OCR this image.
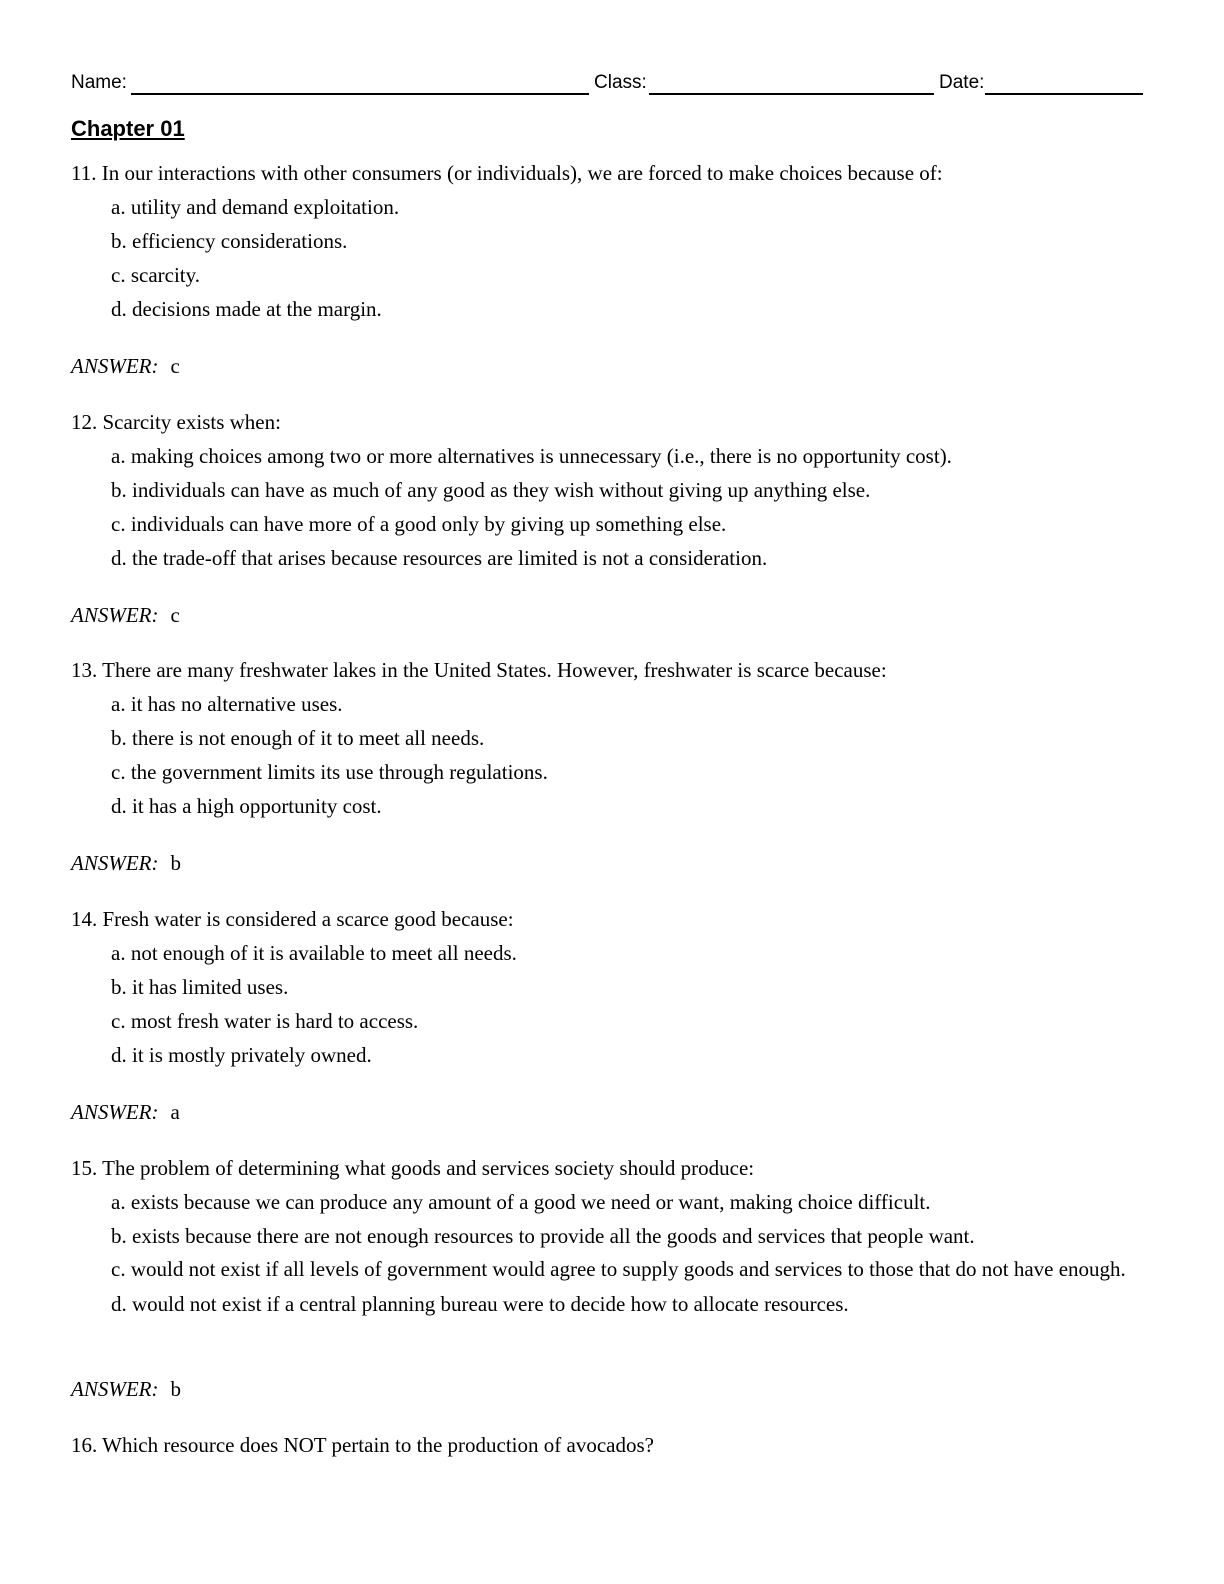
Name:	Class:	Date:
Chapter 01
11. In our interactions with other consumers (or individuals), we are forced to make choices because of:
a. utility and demand exploitation.
b. efficiency considerations.
c. scarcity.
d. decisions made at the margin.
ANSWER: c
12. Scarcity exists when:
a. making choices among two or more alternatives is unnecessary (i.e., there is no opportunity cost).
b. individuals can have as much of any good as they wish without giving up anything else.
c. individuals can have more of a good only by giving up something else.
d. the trade-off that arises because resources are limited is not a consideration.
ANSWER: c
13. There are many freshwater lakes in the United States. However, freshwater is scarce because:
a. it has no alternative uses.
b. there is not enough of it to meet all needs.
c. the government limits its use through regulations.
d. it has a high opportunity cost.
ANSWER: b
14. Fresh water is considered a scarce good because:
a. not enough of it is available to meet all needs.
b. it has limited uses.
c. most fresh water is hard to access.
d. it is mostly privately owned.
ANSWER: a
15. The problem of determining what goods and services society should produce:
a. exists because we can produce any amount of a good we need or want, making choice difficult.
b. exists because there are not enough resources to provide all the goods and services that people want.
c. would not exist if all levels of government would agree to supply goods and services to those that do not have enough.
d. would not exist if a central planning bureau were to decide how to allocate resources.
ANSWER: b
16. Which resource does NOT pertain to the production of avocados?
